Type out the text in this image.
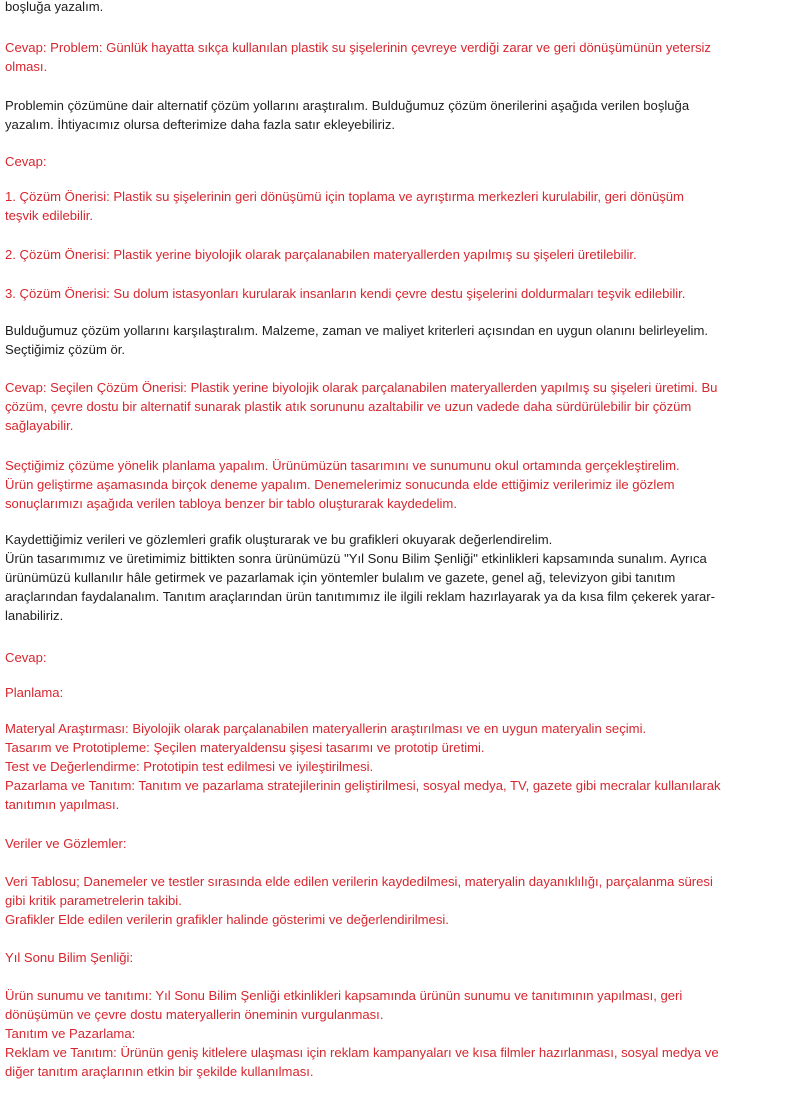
boşluğa yazalım.

Cevap: Problem: Günlük hayatta sıkça kullanılan plastik su şişelerinin çevreye verdiği zarar ve geri dönüşümünün yetersiz
olması.

Problemin çözümüne dair alternatif çözüm yollarını araştıralım. Bulduğumuz çözüm önerilerini aşağıda verilen boşluğa
yazalım. İhtiyacımız olursa defterimize daha fazla satır ekleyebiliriz.

Cevap:

1. Çözüm Önerisi: Plastik su şişelerinin geri dönüşümü için toplama ve ayrıştırma merkezleri kurulabilir, geri dönüşüm
teşvik edilebilir.

2. Çözüm Önerisi: Plastik yerine biyolojik olarak parçalanabilen materyallerden yapılmış su şişeleri üretilebilir.

3. Çözüm Önerisi: Su dolum istasyonları kurularak insanların kendi çevre destu şişelerini doldurmaları teşvik edilebilir.

Bulduğumuz çözüm yollarını karşılaştıralım. Malzeme, zaman ve maliyet kriterleri açısından en uygun olanını belirleyelim.
Seçtiğimiz çözüm ör.

Cevap: Seçilen Çözüm Önerisi: Plastik yerine biyolojik olarak parçalanabilen materyallerden yapılmış su şişeleri üretimi. Bu
çözüm, çevre dostu bir alternatif sunarak plastik atık sorununu azaltabilir ve uzun vadede daha sürdürülebilir bir çözüm
sağlayabilir.

Seçtiğimiz çözüme yönelik planlama yapalım. Ürünümüzün tasarımını ve sunumunu okul ortamında gerçekleştirelim.
Ürün geliştirme aşamasında birçok deneme yapalım. Denemelerimiz sonucunda elde ettiğimiz verilerimiz ile gözlem
sonuçlarımızı aşağıda verilen tabloya benzer bir tablo oluşturarak kaydedelim.

Kaydettiğimiz verileri ve gözlemleri grafik oluşturarak ve bu grafikleri okuyarak değerlendirelim.
Ürün tasarımımız ve üretimimiz bittikten sonra ürünümüzü "Yıl Sonu Bilim Şenliği" etkinlikleri kapsamında sunalım. Ayrıca
ürünümüzü kullanılır hâle getirmek ve pazarlamak için yöntemler bulalım ve gazete, genel ağ, televizyon gibi tanıtım
araçlarından faydalanalım. Tanıtım araçlarından ürün tanıtımımız ile ilgili reklam hazırlayarak ya da kısa film çekerek yarar-
lanabiliriz.

Cevap:

Planlama:

Materyal Araştırması: Biyolojik olarak parçalanabilen materyallerin araştırılması ve en uygun materyalin seçimi.
Tasarım ve Prototipleme: Şeçilen materyaldensu şişesi tasarımı ve prototip üretimi.
Test ve Değerlendirme: Prototipin test edilmesi ve iyileştirilmesi.
Pazarlama ve Tanıtım: Tanıtım ve pazarlama stratejilerinin geliştirilmesi, sosyal medya, TV, gazete gibi mecralar kullanılarak
tanıtımın yapılması.

Veriler ve Gözlemler:

Veri Tablosu; Danemeler ve testler sırasında elde edilen verilerin kaydedilmesi, materyalin dayanıklılığı, parçalanma süresi
gibi kritik parametrelerin takibi.
Grafikler Elde edilen verilerin grafikler halinde gösterimi ve değerlendirilmesi.

Yıl Sonu Bilim Şenliği:

Ürün sunumu ve tanıtımı: Yıl Sonu Bilim Şenliği etkinlikleri kapsamında ürünün sunumu ve tanıtımının yapılması, geri
dönüşümün ve çevre dostu materyallerin öneminin vurgulanması.
Tanıtım ve Pazarlama:
Reklam ve Tanıtım: Ürünün geniş kitlelere ulaşması için reklam kampanyaları ve kısa filmler hazırlanması, sosyal medya ve
diğer tanıtım araçlarının etkin bir şekilde kullanılması.
